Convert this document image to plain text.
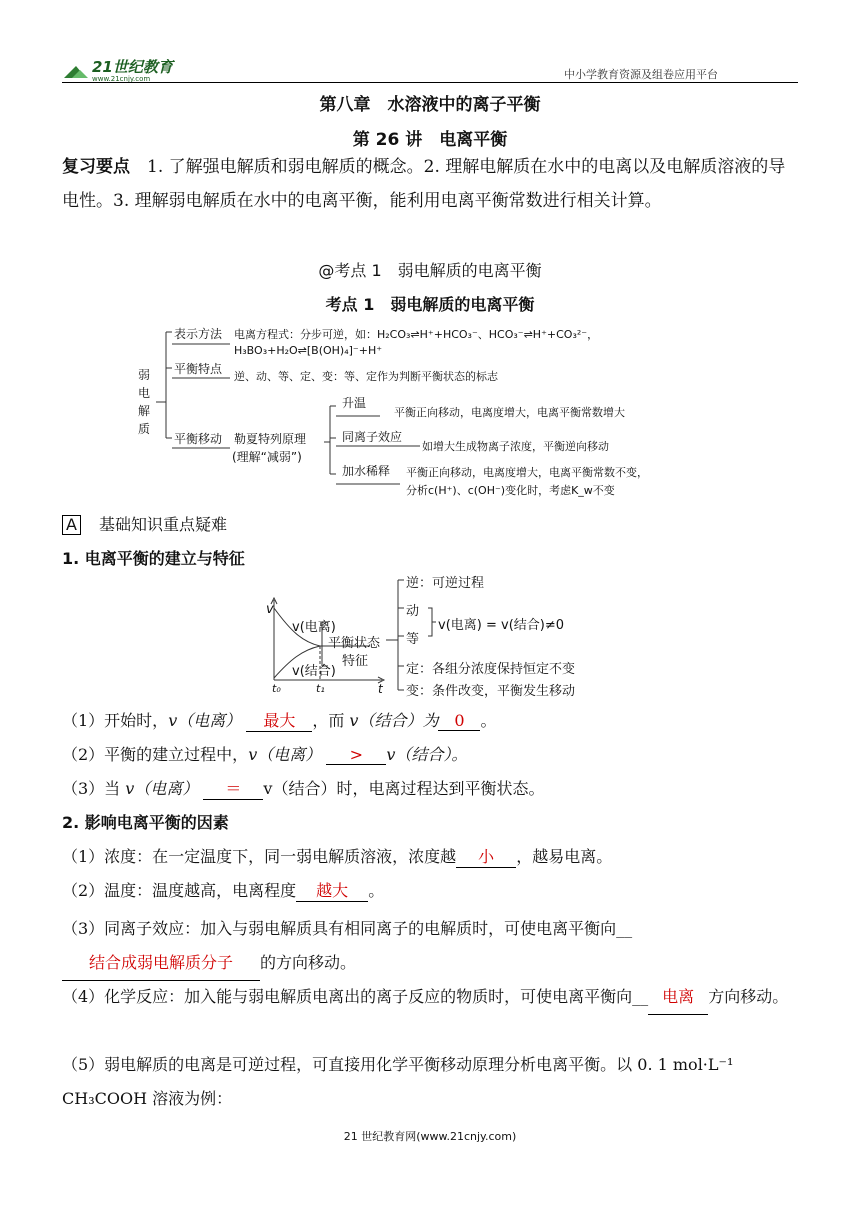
21世纪教育
www.21cnjy.com	中小学教育资源及组卷应用平台
第八章　水溶液中的离子平衡
第 26 讲　电离平衡
复习要点　1. 了解强电解质和弱电解质的概念。2. 理解电解质在水中的电离以及电解质溶液的导电性。3. 理解弱电解质在水中的电离平衡，能利用电离平衡常数进行相关计算。
@考点 1　弱电解质的电离平衡
考点 1　弱电解质的电离平衡
弱
电
解
质
表示方法 电离方程式：分步可逆，如：H₂CO₃⇌H⁺+HCO₃⁻、HCO₃⁻⇌H⁺+CO₃²⁻，
H₃BO₃+H₂O⇌[B(OH)₄]⁻+H⁺
平衡特点
逆、动、等、定、变：等、定作为判断平衡状态的标志
平衡移动 勒夏特列原理
(理解“减弱”)
升温
平衡正向移动，电离度增大，电离平衡常数增大
同离子效应
如增大生成物离子浓度，平衡逆向移动
加水稀释 平衡正向移动，电离度增大，电离平衡常数不变，
分析c(H⁺)、c(OH⁻)变化时，考虑K_w不变
A 基础知识重点疑难
1. 电离平衡的建立与特征
v
v(电离)
v(结合)
t₀	t₁	t
平衡状态
特征
逆：可逆过程
动
等
v(电离) = v(结合)≠0
定：各组分浓度保持恒定不变
变：条件改变，平衡发生移动
（1）开始时，v（电离） 最大 ，而 v（结合）为 0 。
（2）平衡的建立过程中，v（电离） > v（结合）。
（3）当 v（电离） ＝ v（结合）时，电离过程达到平衡状态。
2. 影响电离平衡的因素
（1）浓度：在一定温度下，同一弱电解质溶液，浓度越 小 ，越易电离。
（2）温度：温度越高，电离程度 越大 。
（3）同离子效应：加入与弱电解质具有相同离子的电解质时，可使电离平衡向__结合成弱电解质分子 的方向移动。
（4）化学反应：加入能与弱电解质电离出的离子反应的物质时，可使电离平衡向__ 电离 方向移动。
（5）弱电解质的电离是可逆过程，可直接用化学平衡移动原理分析电离平衡。以 0. 1 mol·L⁻¹ CH₃COOH 溶液为例：
21 世纪教育网(www.21cnjy.com)
